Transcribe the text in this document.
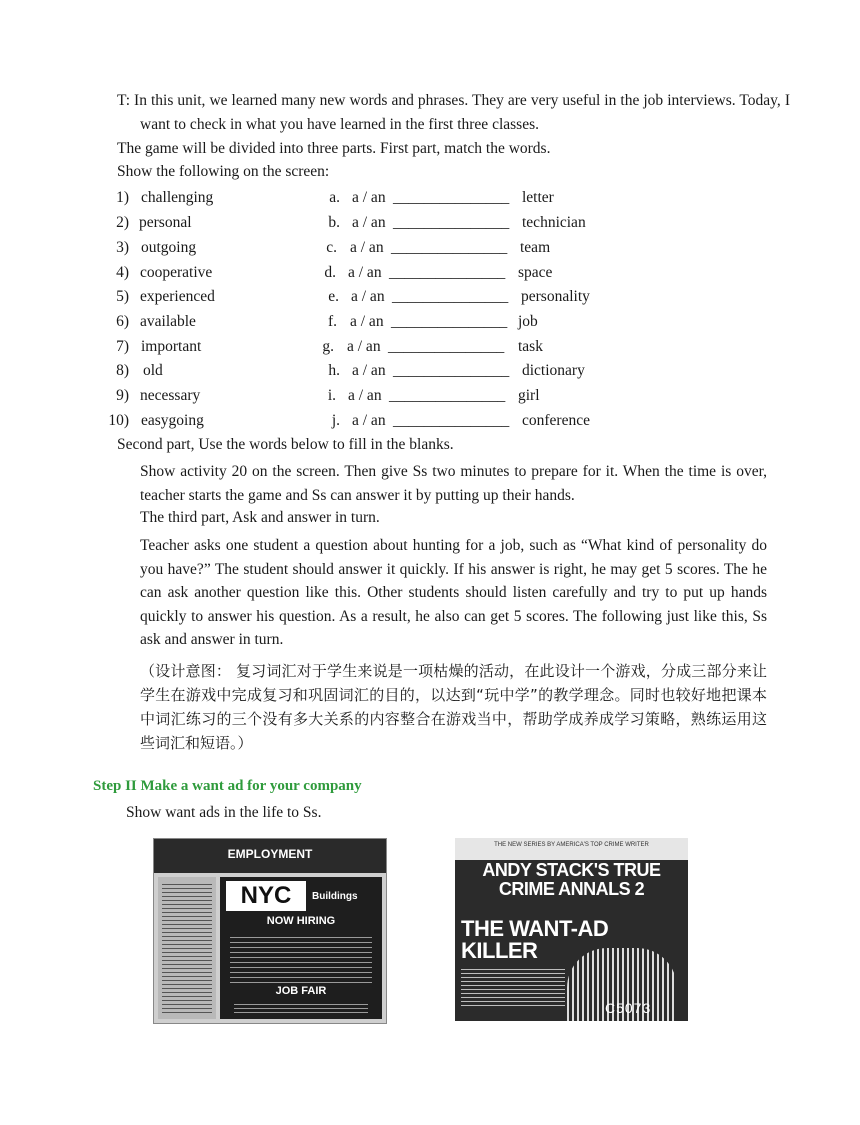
T: In this unit, we learned many new words and phrases. They are very useful in the job interviews. Today, I want to check in what you have learned in the first three classes.
The game will be divided into three parts. First part, match the words.
Show the following on the screen:
1) challenging	a. a / an _______________ letter
2) personal	b. a / an _______________ technician
3) outgoing	c. a / an _______________ team
4) cooperative	d. a / an _______________ space
5) experienced	e. a / an _______________ personality
6) available	f. a / an _______________ job
7) important	g. a / an _______________ task
8) old	h. a / an _______________ dictionary
9) necessary	i. a / an _______________ girl
10) easygoing	j. a / an _______________ conference
Second part, Use the words below to fill in the blanks.
Show activity 20 on the screen. Then give Ss two minutes to prepare for it. When the time is over, teacher starts the game and Ss can answer it by putting up their hands.
The third part, Ask and answer in turn.
Teacher asks one student a question about hunting for a job, such as “What kind of personality do you have?” The student should answer it quickly. If his answer is right, he may get 5 scores. The he can ask another question like this. Other students should listen carefully and try to put up hands quickly to answer his question. As a result, he also can get 5 scores. The following just like this, Ss ask and answer in turn.
（设计意图： 复习词汇对于学生来说是一项枯燥的活动，在此设计一个游戏，分成三部分来让学生在游戏中完成复习和巩固词汇的目的，以达到“玩中学”的教学理念。同时也较好地把课本中词汇练习的三个没有多大关系的内容整合在游戏当中，帮助学成养成学习策略，熟练运用这些词汇和短语。）
Step II Make a want ad for your company
Show want ads in the life to Ss.
EMPLOYMENT
NYC	Buildings
NOW HIRING
JOB FAIR
THE NEW SERIES BY AMERICA'S TOP CRIME WRITER
ANDY STACK'S TRUE CRIME ANNALS 2
THE WANT-AD KILLER
C5073
